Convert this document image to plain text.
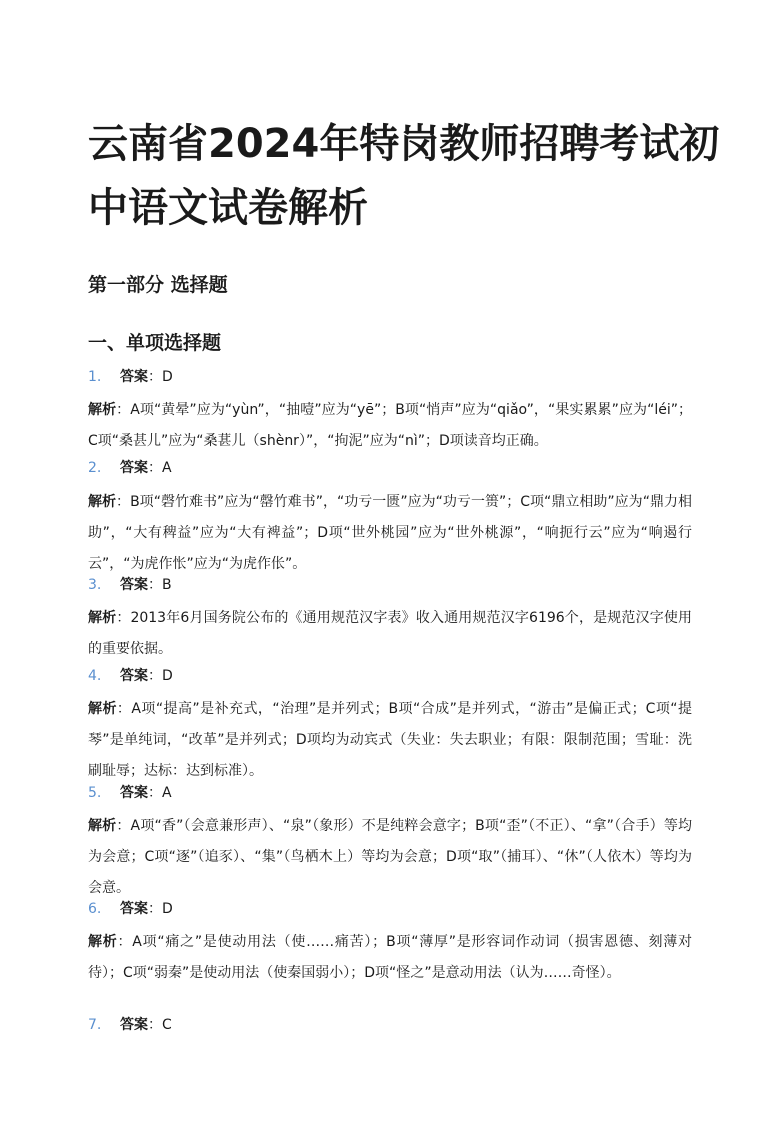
云南省2024年特岗教师招聘考试初中语文试卷解析
第一部分 选择题
一、单项选择题
1. 答案：D
解析：A项“黄晕”应为“yùn”，“抽噎”应为“yē”；B项“悄声”应为“qiǎo”，“果实累累”应为“léi”；C项“桑甚儿”应为“桑葚儿（shènr）”，“拘泥”应为“nì”；D项读音均正确。
2. 答案：A
解析：B项“磬竹难书”应为“罄竹难书”，“功亏一匮”应为“功亏一篑”；C项“鼎立相助”应为“鼎力相助”，“大有稗益”应为“大有裨益”；D项“世外桃园”应为“世外桃源”，“响扼行云”应为“响遏行云”，“为虎作怅”应为“为虎作伥”。
3. 答案：B
解析：2013年6月国务院公布的《通用规范汉字表》收入通用规范汉字6196个，是规范汉字使用的重要依据。
4. 答案：D
解析：A项“提高”是补充式，“治理”是并列式；B项“合成”是并列式，“游击”是偏正式；C项“提琴”是单纯词，“改革”是并列式；D项均为动宾式（失业：失去职业；有限：限制范围；雪耻：洗刷耻辱；达标：达到标准）。
5. 答案：A
解析：A项“香”（会意兼形声）、“泉”（象形）不是纯粹会意字；B项“歪”（不正）、“拿”（合手）等均为会意；C项“逐”（追豕）、“集”（鸟栖木上）等均为会意；D项“取”（捕耳）、“休”（人依木）等均为会意。
6. 答案：D
解析：A项“痛之”是使动用法（使……痛苦）；B项“薄厚”是形容词作动词（损害恩德、刻薄对待）；C项“弱秦”是使动用法（使秦国弱小）；D项“怪之”是意动用法（认为……奇怪）。
7. 答案：C
